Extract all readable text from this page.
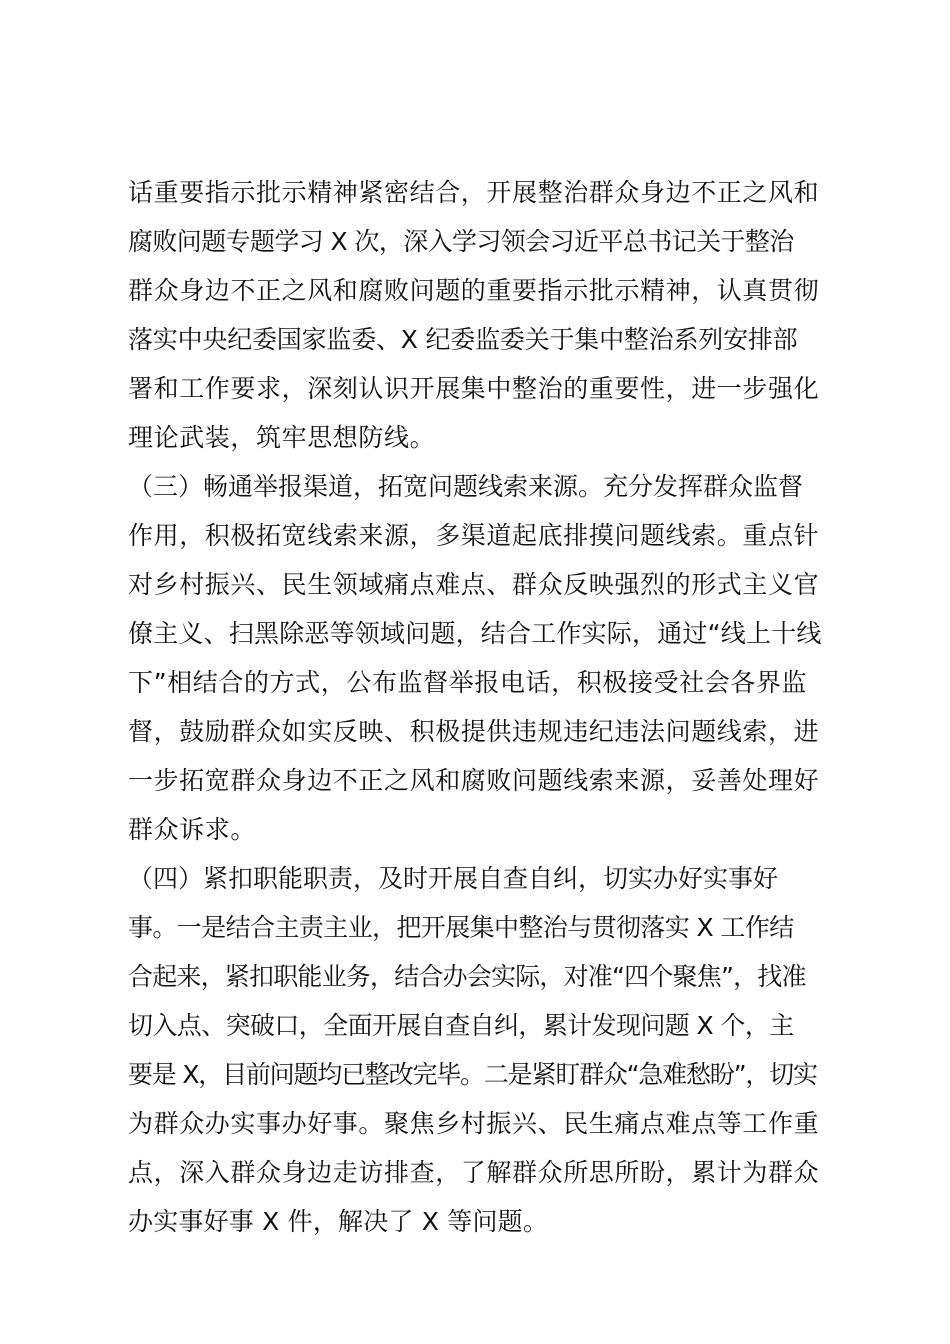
话重要指示批示精神紧密结合，开展整治群众身边不正之风和
腐败问题专题学习 X 次，深入学习领会习近平总书记关于整治
群众身边不正之风和腐败问题的重要指示批示精神，认真贯彻
落实中央纪委国家监委、X 纪委监委关于集中整治系列安排部
署和工作要求，深刻认识开展集中整治的重要性，进一步强化
理论武装，筑牢思想防线。
（三）畅通举报渠道，拓宽问题线索来源。充分发挥群众监督
作用，积极拓宽线索来源，多渠道起底排摸问题线索。重点针
对乡村振兴、民生领域痛点难点、群众反映强烈的形式主义官
僚主义、扫黑除恶等领域问题，结合工作实际，通过“线上十线
下”相结合的方式，公布监督举报电话，积极接受社会各界监
督，鼓励群众如实反映、积极提供违规违纪违法问题线索，进
一步拓宽群众身边不正之风和腐败问题线索来源，妥善处理好
群众诉求。
（四）紧扣职能职责，及时开展自查自纠，切实办好实事好
事。一是结合主责主业，把开展集中整治与贯彻落实 X 工作结
合起来，紧扣职能业务，结合办会实际，对准“四个聚焦”，找准
切入点、突破口，全面开展自查自纠，累计发现问题 X 个，主
要是 X，目前问题均已整改完毕。二是紧盯群众“急难愁盼”，切实
为群众办实事办好事。聚焦乡村振兴、民生痛点难点等工作重
点，深入群众身边走访排查，了解群众所思所盼，累计为群众
办实事好事 X 件，解决了 X 等问题。
